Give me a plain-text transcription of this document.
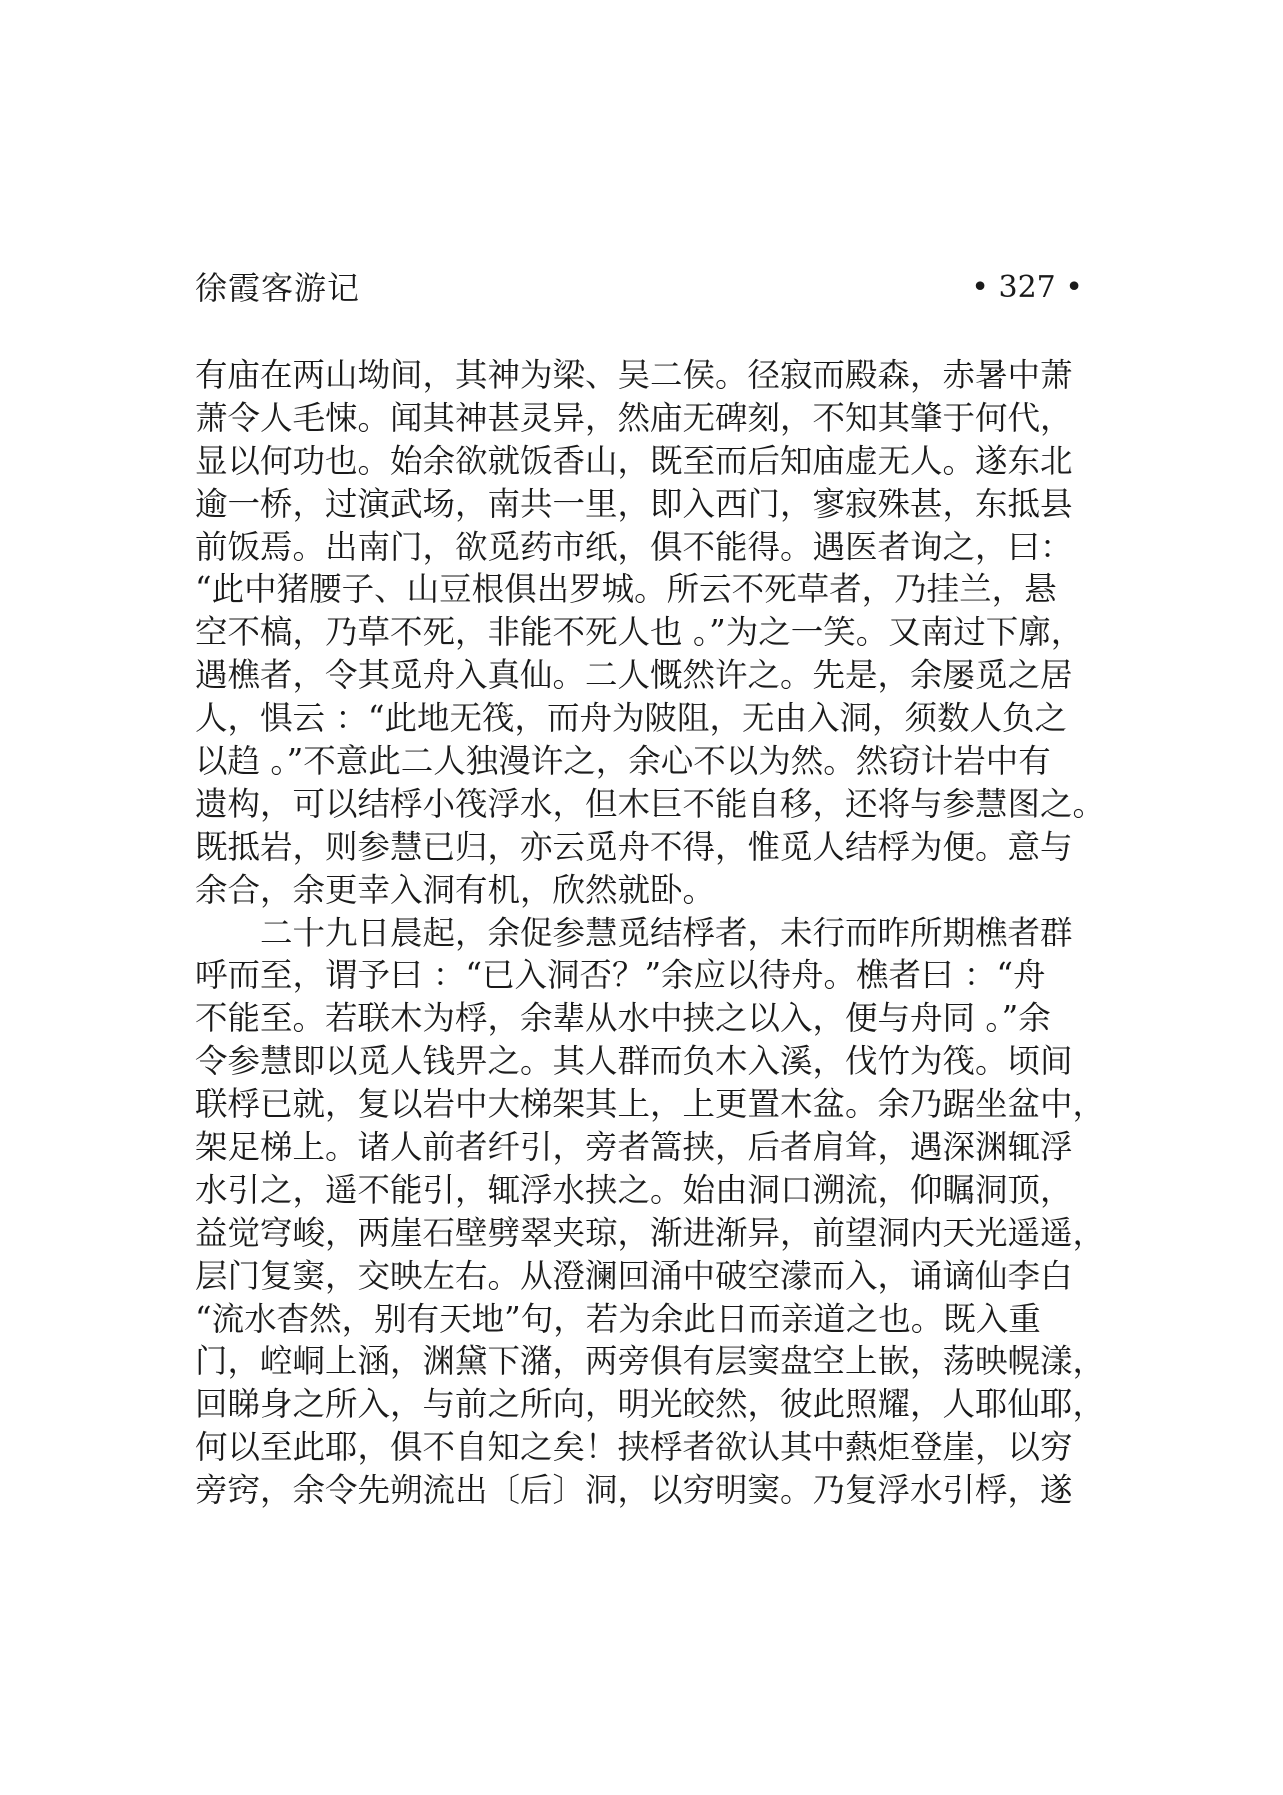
徐霞客游记	• 327 •
有庙在两山坳间，其神为梁、吴二侯。径寂而殿森，赤暑中萧
萧令人毛悚。闻其神甚灵异，然庙无碑刻，不知其肇于何代，
显以何功也。始余欲就饭香山，既至而后知庙虚无人。遂东北
逾一桥，过演武场，南共一里，即入西门，寥寂殊甚，东抵县
前饭焉。出南门，欲觅药市纸，俱不能得。遇医者询之，曰：
“此中猪腰子、山豆根俱出罗城。所云不死草者，乃挂兰，悬
空不槁，乃草不死，非能不死人也 。”为之一笑。又南过下廓，
遇樵者，令其觅舟入真仙。二人慨然许之。先是，余屡觅之居
人，惧云 ：“此地无筏，而舟为陂阻，无由入洞，须数人负之
以趋 。”不意此二人独漫许之，余心不以为然。然窃计岩中有
遗构，可以结桴小筏浮水，但木巨不能自移，还将与参慧图之。
既抵岩，则参慧已归，亦云觅舟不得，惟觅人结桴为便。意与
余合，余更幸入洞有机，欣然就卧。
二十九日晨起，余促参慧觅结桴者，未行而昨所期樵者群
呼而至，谓予曰 ：“已入洞否？”余应以待舟。樵者曰 ：“舟
不能至。若联木为桴，余辈从水中挟之以入，便与舟同 。”余
令参慧即以觅人钱畀之。其人群而负木入溪，伐竹为筏。顷间
联桴已就，复以岩中大梯架其上，上更置木盆。余乃踞坐盆中，
架足梯上。诸人前者纤引，旁者篙挟，后者肩耸，遇深渊辄浮
水引之，遥不能引，辄浮水挟之。始由洞口溯流，仰瞩洞顶，
益觉穹峻，两崖石壁劈翠夹琼，渐进渐异，前望洞内天光遥遥，
层门复窦，交映左右。从澄澜回涌中破空濛而入，诵谪仙李白
“流水杳然，别有天地”句，若为余此日而亲道之也。既入重
门，崆峒上涵，渊黛下潴，两旁俱有层窦盘空上嵌，荡映幌漾，
回睇身之所入，与前之所向，明光皎然，彼此照耀，人耶仙耶，
何以至此耶，俱不自知之矣！挟桴者欲认其中爇炬登崖，以穷
旁窍，余令先朔流出〔后〕洞，以穷明窦。乃复浮水引桴，遂
